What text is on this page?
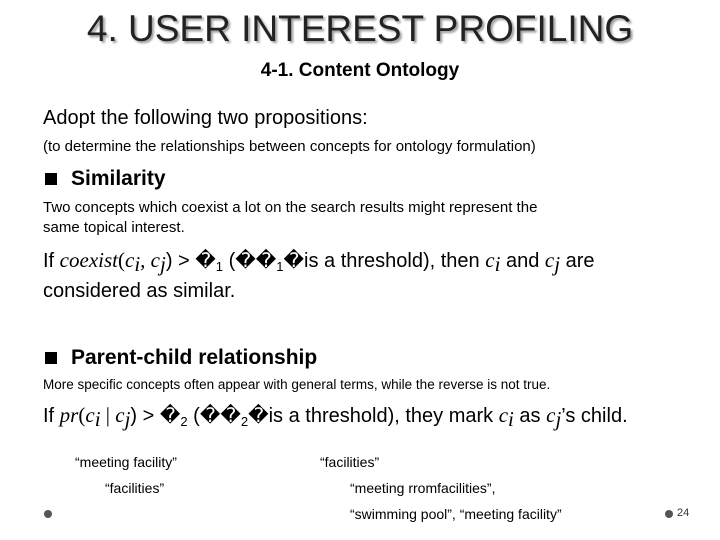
4. USER INTEREST PROFILING
4-1. Content Ontology
Adopt the following two propositions:
(to determine the relationships between concepts for ontology formulation)
Similarity
Two concepts which coexist a lot on the search results might represent the
same topical interest.
If $coexist(c_i$, $c_j$) > $�_1$ ($��_1�is$ a threshold), then $c_i$ and $c_j$ are
considered as similar.
Parent-child relationship
More specific concepts often appear with general terms, while the reverse is not true.
If $pr(c_i$ | $c_j$) > $�_2$ ($��_2�is$ a threshold), they mark $c_i$ as $c_j’s$ child.
“meeting facility”
“facilities”
“facilities”
“meeting rromfacilities”,
“swimming pool”, “meeting facility”	24
